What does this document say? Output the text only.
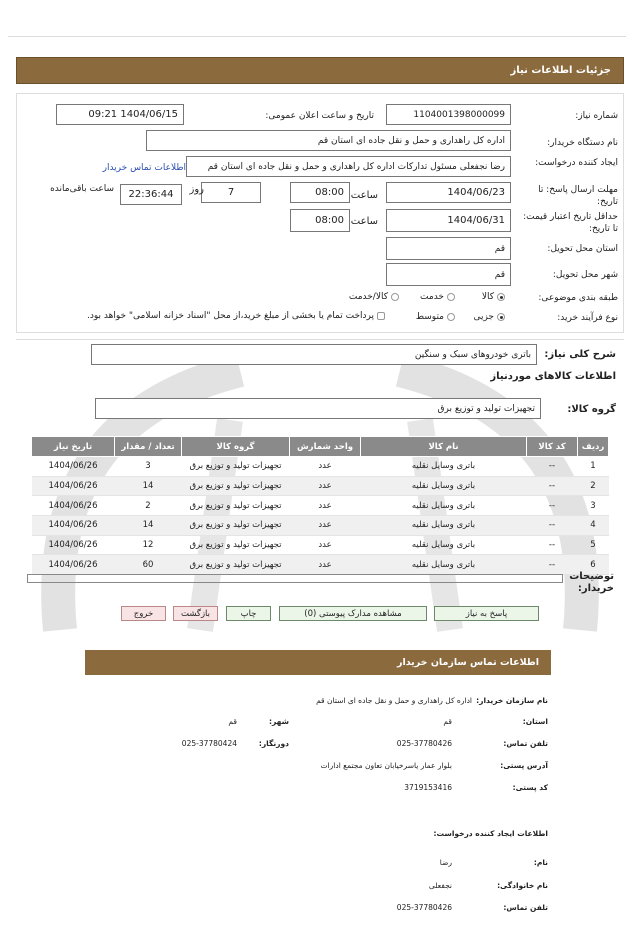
جزئیات اطلاعات نیاز
شماره نیاز:
1104001398000099
تاریخ و ساعت اعلان عمومی:
1404/06/15 09:21
نام دستگاه خریدار:
اداره کل راهداری و حمل و نقل جاده ای استان قم
ایجاد کننده درخواست:
رضا نجفعلی مسئول تدارکات اداره کل راهداری و حمل و نقل جاده ای استان قم
اطلاعات تماس خریدار
مهلت ارسال پاسخ: تا تاریخ:
1404/06/23
ساعت
08:00
7
روز
22:36:44
ساعت باقی‌مانده
حداقل تاریخ اعتبار قیمت: تا تاریخ:
1404/06/31
ساعت
08:00
استان محل تحویل:
قم
شهر محل تحویل:
قم
طبقه بندی موضوعی:
کالا
خدمت
کالا/خدمت
نوع فرآیند خرید:
جزیی
متوسط
پرداخت تمام یا بخشی از مبلغ خرید،از محل "اسناد خزانه اسلامی" خواهد بود.
شرح کلی نیاز:
باتری خودروهای سبک و سنگین
اطلاعات کالاهای موردنیاز
گروه کالا:
تجهیزات تولید و توزیع برق
ردیف	کد کالا	نام کالا	واحد شمارش	گروه کالا	تعداد / مقدار	تاریخ نیاز
1	--	باتری وسایل نقلیه	عدد	تجهیزات تولید و توزیع برق	3	1404/06/26
2	--	باتری وسایل نقلیه	عدد	تجهیزات تولید و توزیع برق	14	1404/06/26
3	--	باتری وسایل نقلیه	عدد	تجهیزات تولید و توزیع برق	2	1404/06/26
4	--	باتری وسایل نقلیه	عدد	تجهیزات تولید و توزیع برق	14	1404/06/26
5	--	باتری وسایل نقلیه	عدد	تجهیزات تولید و توزیع برق	12	1404/06/26
6	--	باتری وسایل نقلیه	عدد	تجهیزات تولید و توزیع برق	60	1404/06/26
توضیحات خریدار:
پاسخ به نیاز
مشاهده مدارک پیوستی (0)
چاپ
بازگشت
خروج
اطلاعات تماس سازمان خریدار
نام سازمان خریدار:
اداره کل راهداری و حمل و نقل جاده ای استان قم
استان:
قم
شهر:
قم
تلفن تماس:
025-37780426
دورنگار:
025-37780424
آدرس پستی:
بلوار عمار یاسرخیابان تعاون مجتمع ادارات
کد پستی:
3719153416
اطلاعات ایجاد کننده درخواست:
نام:
رضا
نام خانوادگی:
نجفعلی
تلفن تماس:
025-37780426
